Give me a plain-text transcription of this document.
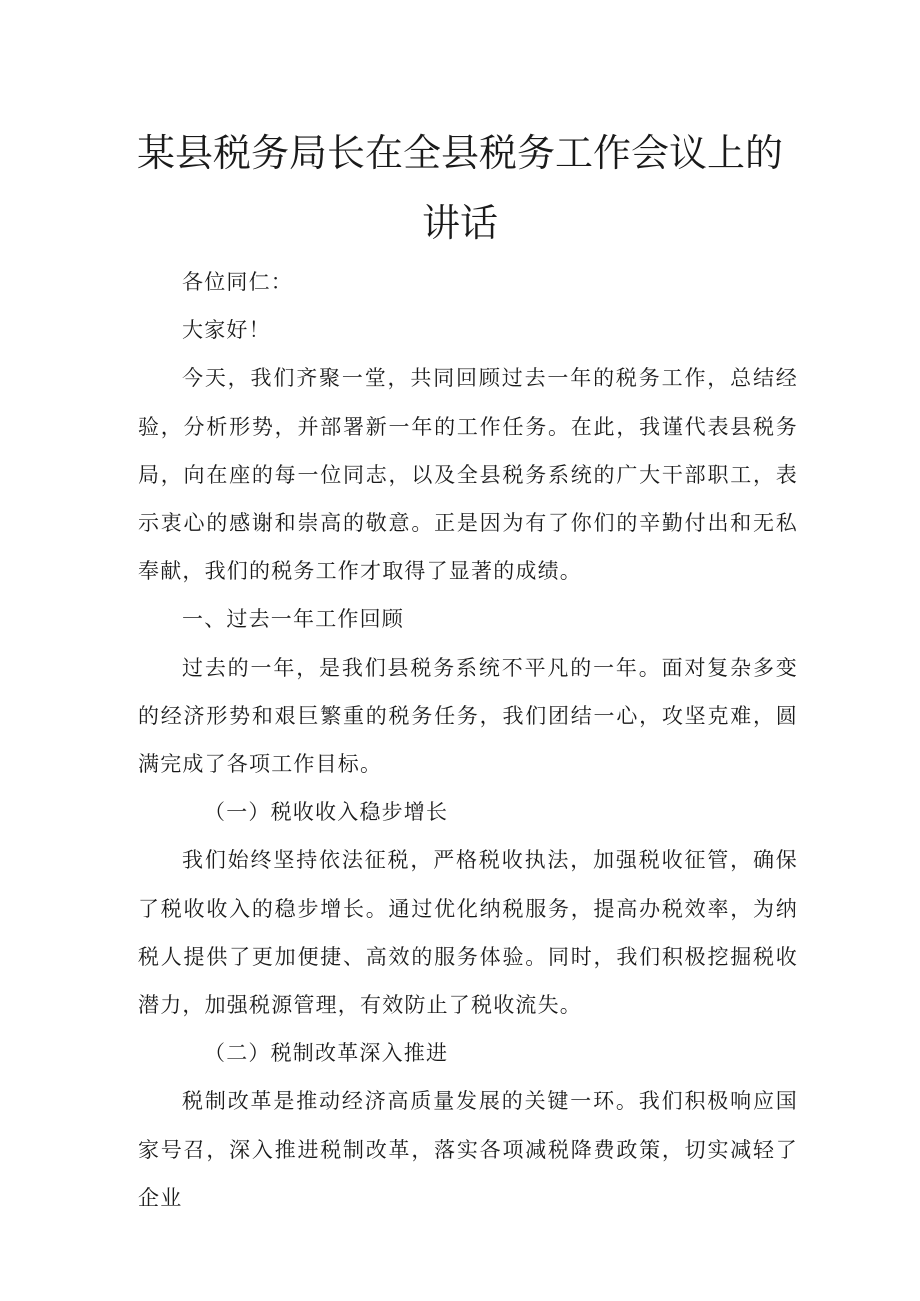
某县税务局长在全县税务工作会议上的
讲话

各位同仁：

大家好！

今天，我们齐聚一堂，共同回顾过去一年的税务工作，总结经验，分析形势，并部署新一年的工作任务。在此，我谨代表县税务局，向在座的每一位同志，以及全县税务系统的广大干部职工，表示衷心的感谢和崇高的敬意。正是因为有了你们的辛勤付出和无私奉献，我们的税务工作才取得了显著的成绩。

一、过去一年工作回顾

过去的一年，是我们县税务系统不平凡的一年。面对复杂多变的经济形势和艰巨繁重的税务任务，我们团结一心，攻坚克难，圆满完成了各项工作目标。

（一）税收收入稳步增长

我们始终坚持依法征税，严格税收执法，加强税收征管，确保了税收收入的稳步增长。通过优化纳税服务，提高办税效率，为纳税人提供了更加便捷、高效的服务体验。同时，我们积极挖掘税收潜力，加强税源管理，有效防止了税收流失。

（二）税制改革深入推进

税制改革是推动经济高质量发展的关键一环。我们积极响应国家号召，深入推进税制改革，落实各项减税降费政策，切实减轻了企业
